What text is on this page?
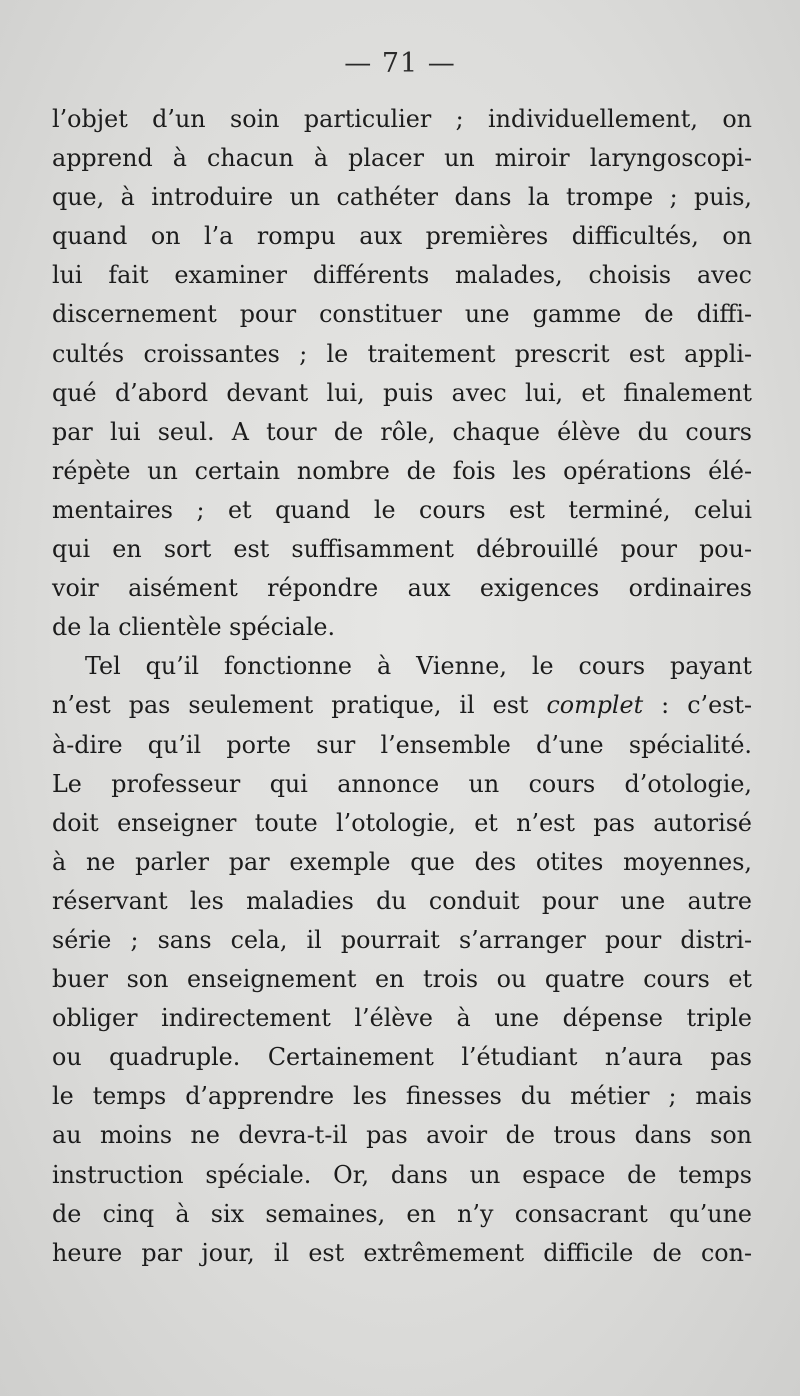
— 71 —
l’objet d’un soin particulier ; individuellement, on
apprend à chacun à placer un miroir laryngoscopi-
que, à introduire un cathéter dans la trompe ; puis,
quand on l’a rompu aux premières difficultés, on
lui fait examiner différents malades, choisis avec
discernement pour constituer une gamme de diffi-
cultés croissantes ; le traitement prescrit est appli-
qué d’abord devant lui, puis avec lui, et finalement
par lui seul. A tour de rôle, chaque élève du cours
répète un certain nombre de fois les opérations élé-
mentaires ; et quand le cours est terminé, celui
qui en sort est suffisamment débrouillé pour pou-
voir aisément répondre aux exigences ordinaires
de la clientèle spéciale.
Tel qu’il fonctionne à Vienne, le cours payant
n’est pas seulement pratique, il est complet : c’est-
à-dire qu’il porte sur l’ensemble d’une spécialité.
Le professeur qui annonce un cours d’otologie,
doit enseigner toute l’otologie, et n’est pas autorisé
à ne parler par exemple que des otites moyennes,
réservant les maladies du conduit pour une autre
série ; sans cela, il pourrait s’arranger pour distri-
buer son enseignement en trois ou quatre cours et
obliger indirectement l’élève à une dépense triple
ou quadruple. Certainement l’étudiant n’aura pas
le temps d’apprendre les finesses du métier ; mais
au moins ne devra-t-il pas avoir de trous dans son
instruction spéciale. Or, dans un espace de temps
de cinq à six semaines, en n’y consacrant qu’une
heure par jour, il est extrêmement difficile de con-
